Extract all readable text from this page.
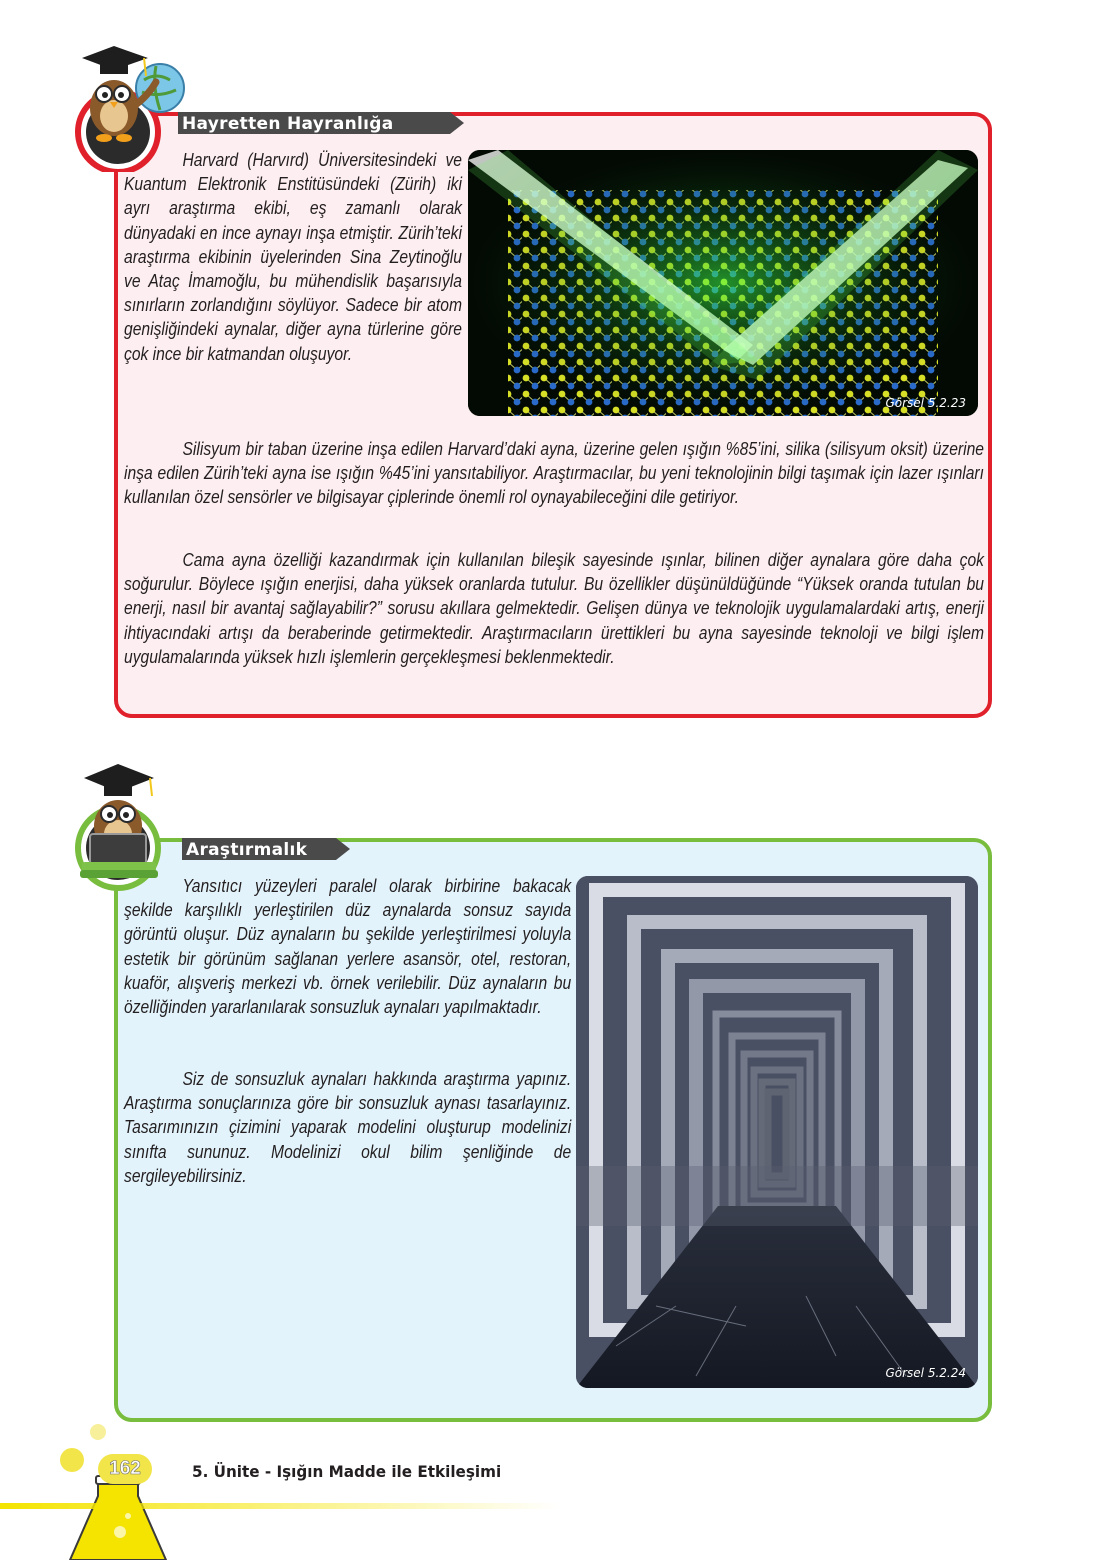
Hayretten Hayranlığa
Harvard (Harvırd) Üniversitesindeki ve Kuantum Elektronik Enstitüsündeki (Zürih) iki ayrı araştırma ekibi, eş zamanlı olarak dünyadaki en ince aynayı inşa etmiştir. Zürih’teki araştırma ekibinin üyelerinden Sina Zeytinoğlu ve Ataç İmamoğlu, bu mühendislik başarısıyla sınırların zorlandığını söylüyor. Sadece bir atom genişliğindeki aynalar, diğer ayna türlerine göre çok ince bir katmandan oluşuyor.
Görsel 5.2.23
Silisyum bir taban üzerine inşa edilen Harvard’daki ayna, üzerine gelen ışığın %85’ini, silika (silisyum oksit) üzerine inşa edilen Zürih’teki ayna ise ışığın %45’ini yansıtabiliyor. Araştırmacılar, bu yeni teknolojinin bilgi taşımak için lazer ışınları kullanılan özel sensörler ve bilgisayar çiplerinde önemli rol oynayabileceğini dile getiriyor.
Cama ayna özelliği kazandırmak için kullanılan bileşik sayesinde ışınlar, bilinen diğer aynalara göre daha çok soğurulur. Böylece ışığın enerjisi, daha yüksek oranlarda tutulur. Bu özellikler düşünüldüğünde “Yüksek oranda tutulan bu enerji, nasıl bir avantaj sağlayabilir?” sorusu akıllara gelmektedir. Gelişen dünya ve teknolojik uygulamalardaki artış, enerji ihtiyacındaki artışı da beraberinde getirmektedir. Araştırmacıların ürettikleri bu ayna sayesinde teknoloji ve bilgi işlem uygulamalarında yüksek hızlı işlemlerin gerçekleşmesi beklenmektedir.
Araştırmalık
Yansıtıcı yüzeyleri paralel olarak birbirine bakacak şekilde karşılıklı yerleştirilen düz aynalarda sonsuz sayıda görüntü oluşur. Düz aynaların bu şekilde yerleştirilmesi yoluyla estetik bir görünüm sağlanan yerlere asansör, otel, restoran, kuaför, alışveriş merkezi vb. örnek verilebilir. Düz aynaların bu özelliğinden yararlanılarak sonsuzluk aynaları yapılmaktadır.
Siz de sonsuzluk aynaları hakkında araştırma yapınız. Araştırma sonuçlarınıza göre bir sonsuzluk aynası tasarlayınız. Tasarımınızın çizimini yaparak modelini oluşturup modelinizi sınıfta sununuz. Modelinizi okul bilim şenliğinde de sergileyebilirsiniz.
Görsel 5.2.24
162	5. Ünite - Işığın Madde ile Etkileşimi
